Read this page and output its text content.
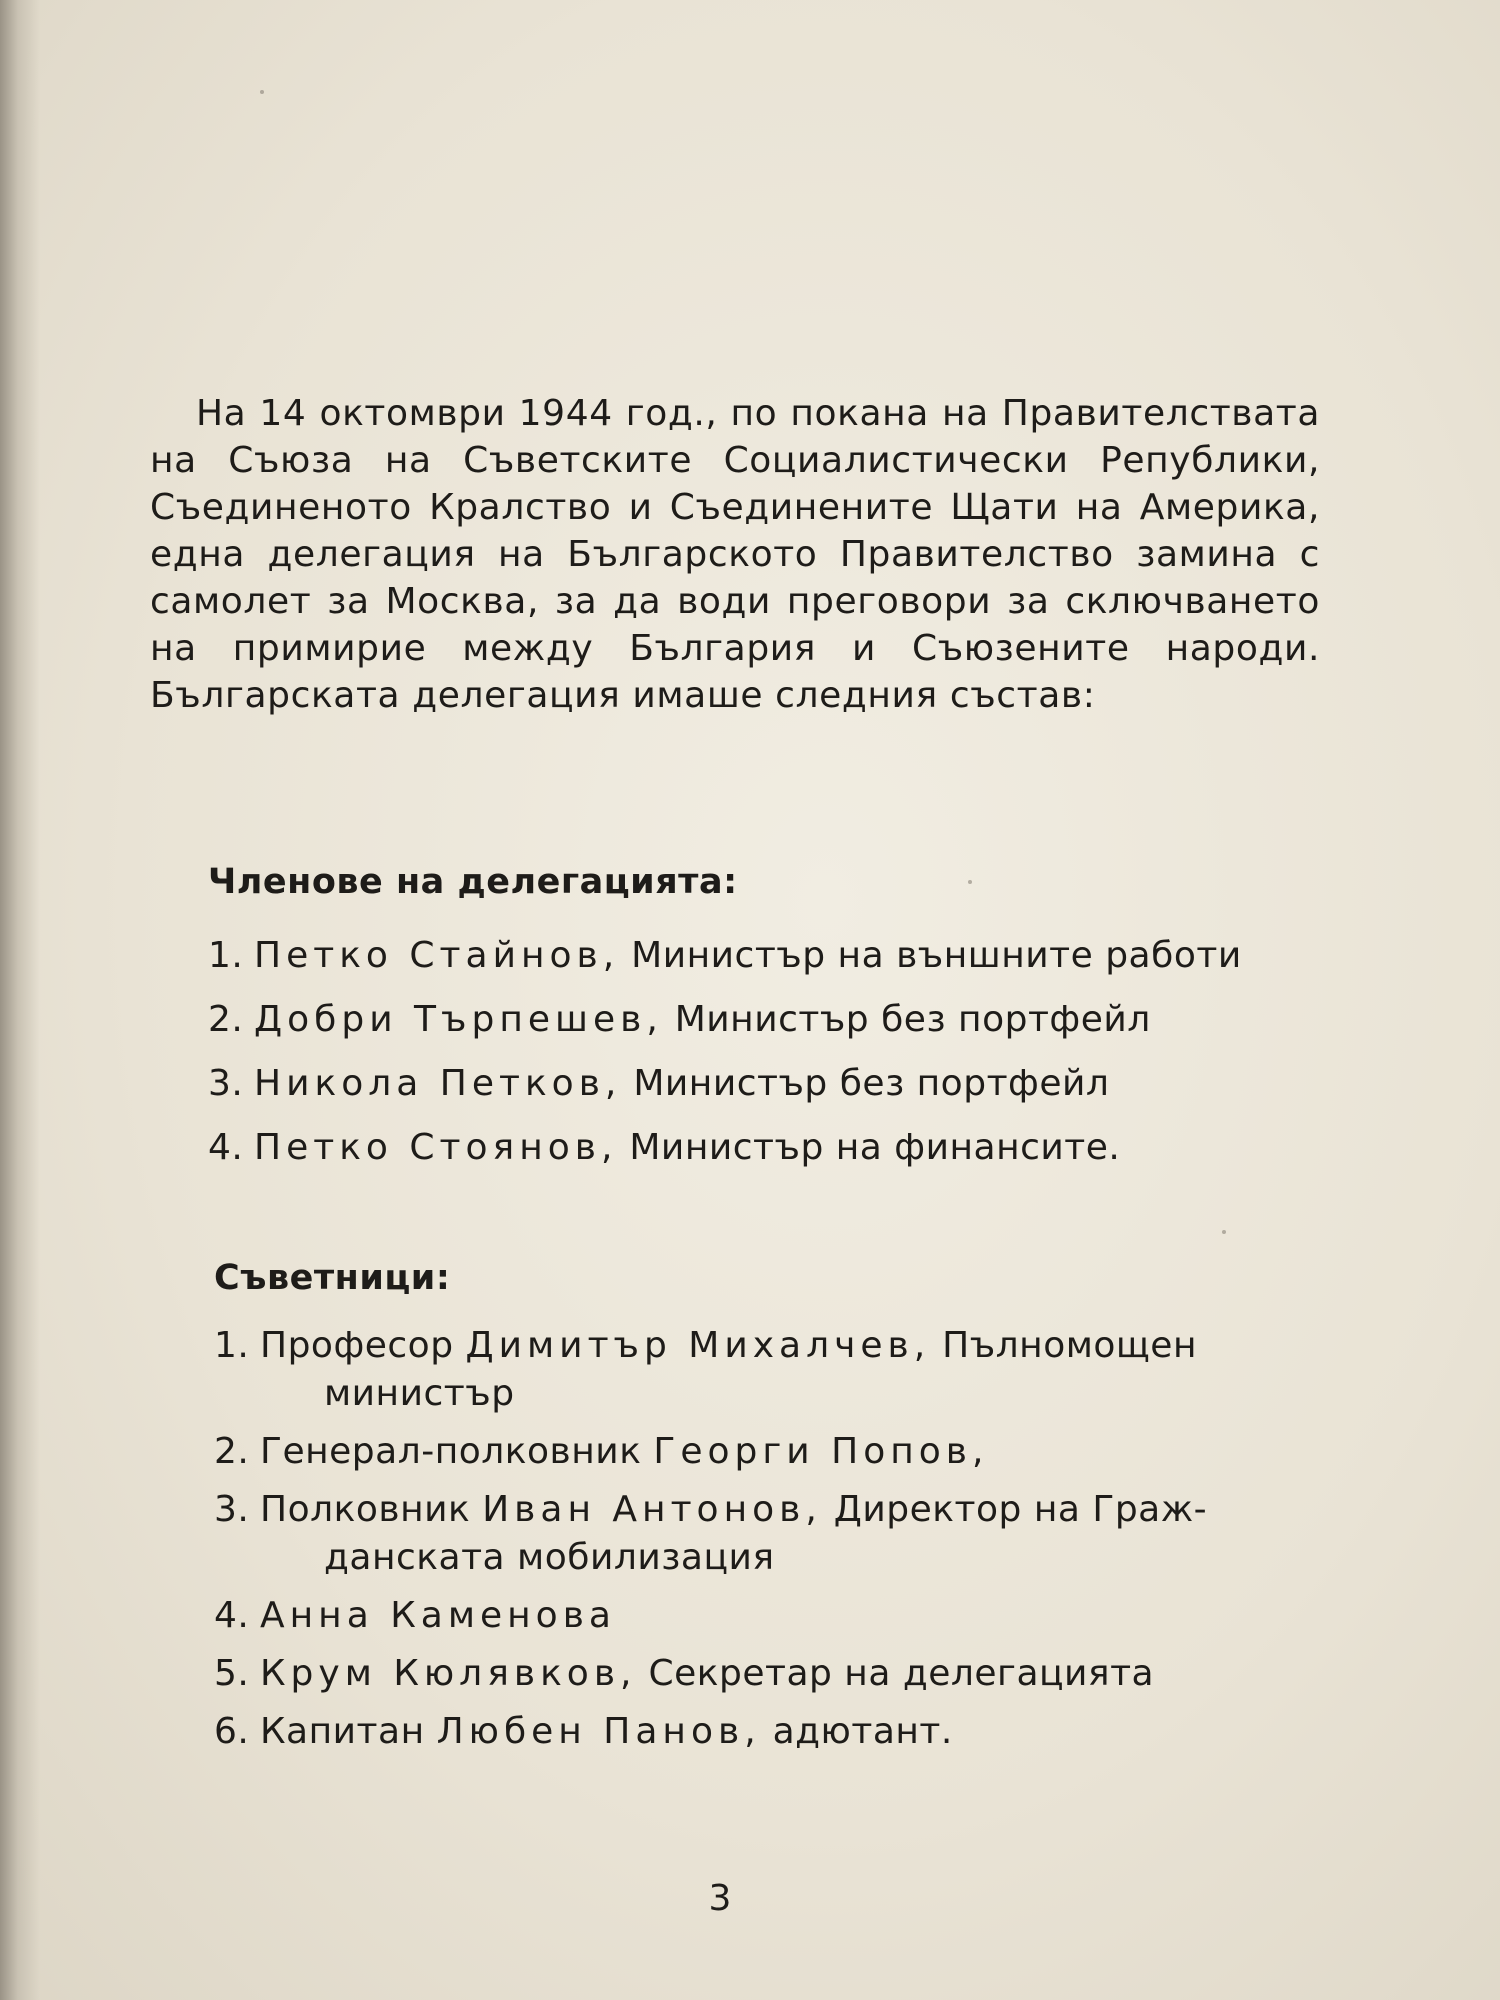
На 14 октомври 1944 год., по покана на Правителствата на Съюза на Съветските Социалистически Републики, Съединеното Кралство и Съединените Щати на Америка, една делегация на Българското Правителство замина с самолет за Москва, за да води преговори за сключването на примирие между България и Съюзените народи. Българската делегация имаше следния състав:

Членове на делегацията:
1. Петко Стайнов, Министър на външните работи
2. Добри Търпешев, Министър без портфейл
3. Никола Петков, Министър без портфейл
4. Петко Стоянов, Министър на финансите.
Съветници:
1. Професор Димитър Михалчев, Пълномощен
министър
2. Генерал-полковник Георги Попов,
3. Полковник Иван Антонов, Директор на Граж-
данската мобилизация
4. Анна Каменова
5. Крум Кюлявков, Секретар на делегацията
6. Капитан Любен Панов, адютант.
3
